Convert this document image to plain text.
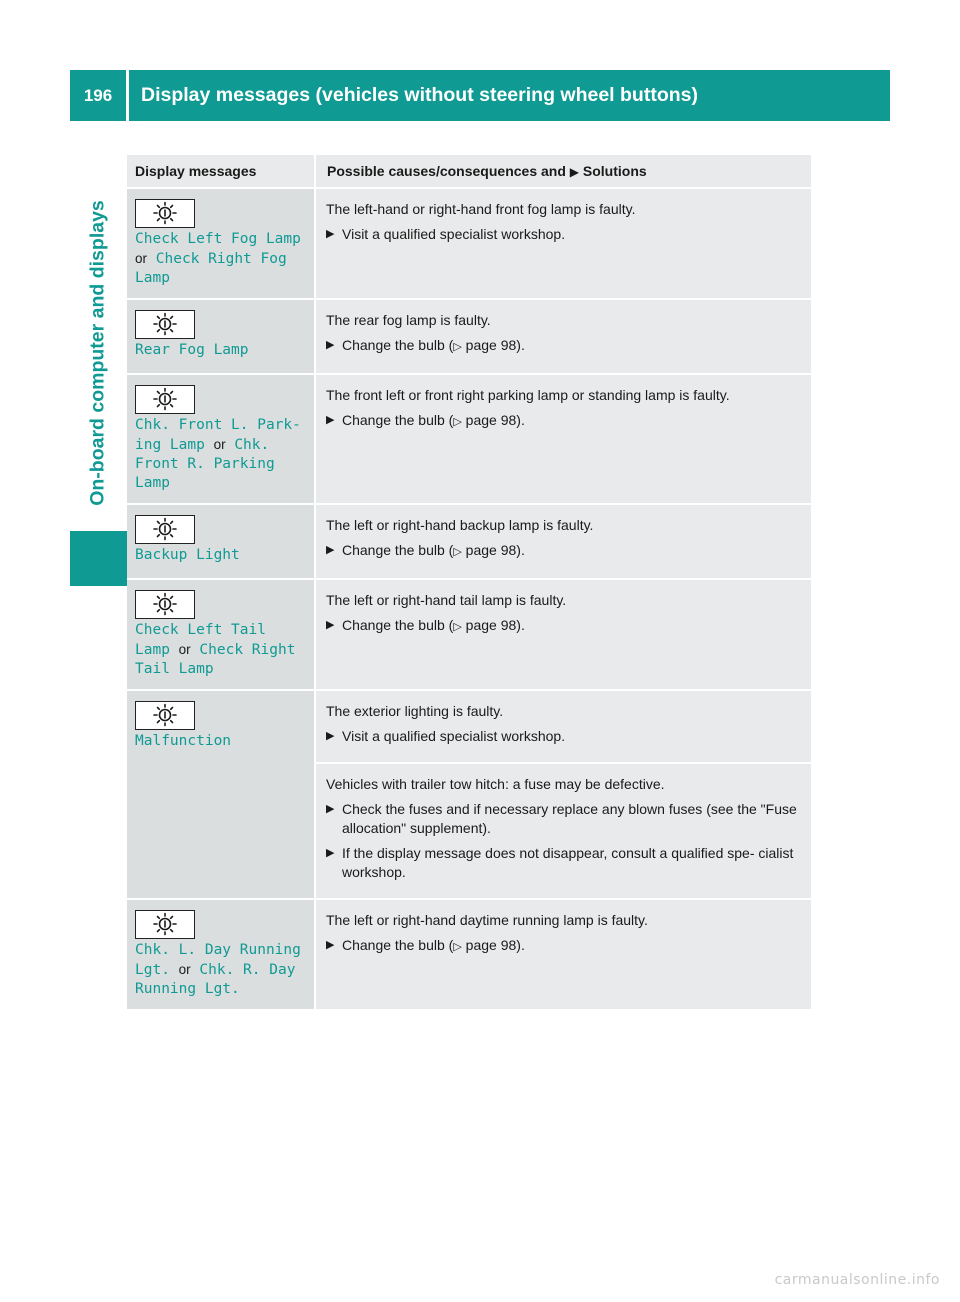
196	Display messages (vehicles without steering wheel buttons)
On-board computer and displays
Display messages	Possible causes/consequences and ▶ Solutions

Check Left Fog Lamp or Check Right Fog Lamp	The left-hand or right-hand front fog lamp is faulty.

▶ Visit a qualified specialist workshop.

Rear Fog Lamp	The rear fog lamp is faulty.

▶ Change the bulb (▷ page 98).

Chk. Front L. Park‐ ing Lamp or Chk. Front R. Parking Lamp	The front left or front right parking lamp or standing lamp is faulty.

▶ Change the bulb (▷ page 98).

Backup Light	The left or right-hand backup lamp is faulty.

▶ Change the bulb (▷ page 98).

Check Left Tail Lamp or Check Right Tail Lamp	The left or right-hand tail lamp is faulty.

▶ Change the bulb (▷ page 98).

Malfunction	The exterior lighting is faulty.

▶ Visit a qualified specialist workshop.

	Vehicles with trailer tow hitch: a fuse may be defective.

▶ Check the fuses and if necessary replace any blown fuses (see the "Fuse allocation" supplement).

▶ If the display message does not disappear, consult a qualified spe‐ cialist workshop.

Chk. L. Day Running Lgt. or Chk. R. Day Running Lgt.	The left or right-hand daytime running lamp is faulty.

▶ Change the bulb (▷ page 98).

carmanualsonline.info
